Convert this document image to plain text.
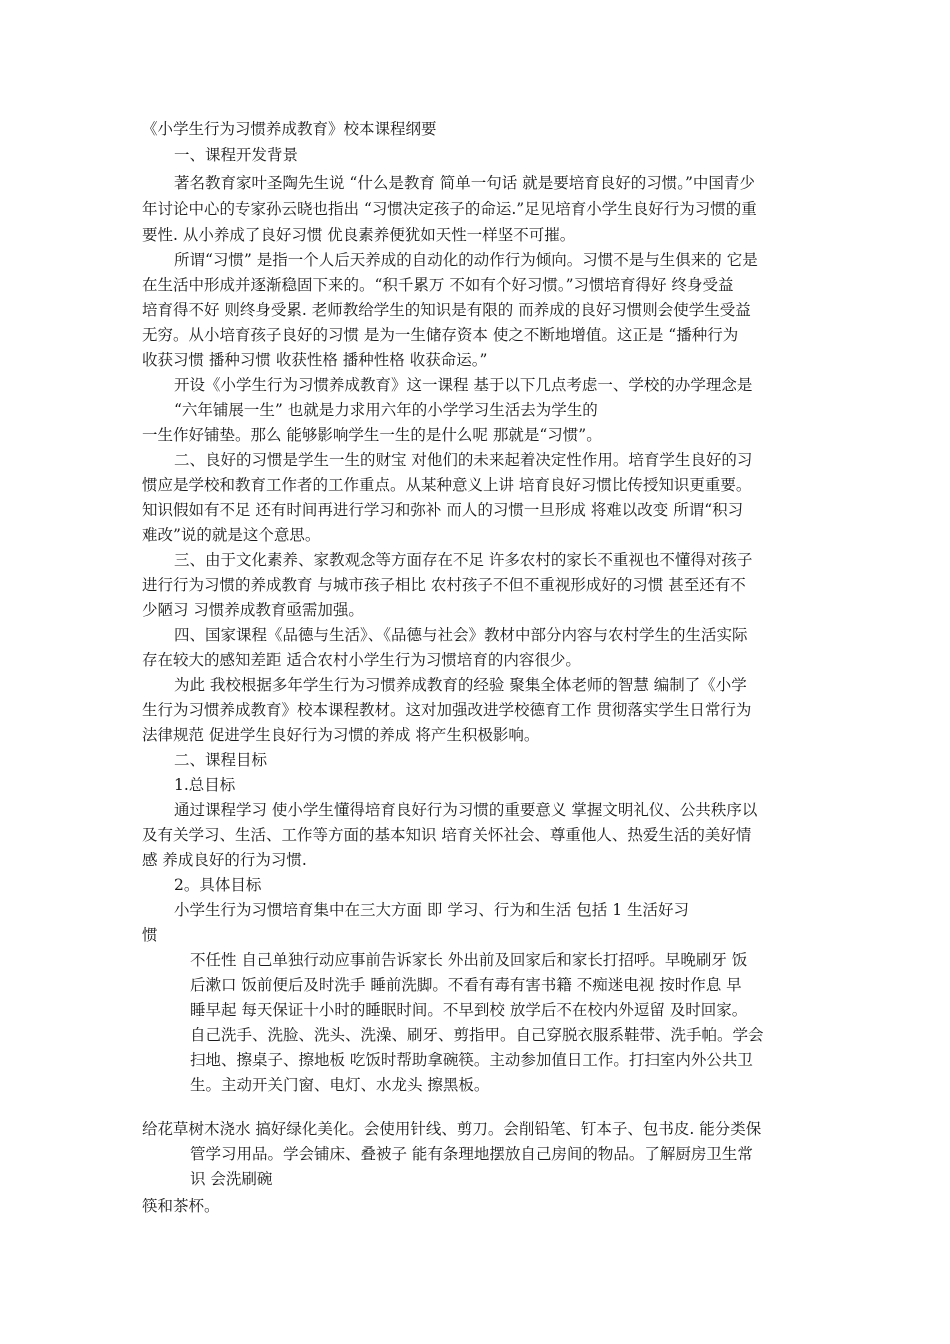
《小学生行为习惯养成教育》校本课程纲要
一、课程开发背景
著名教育家叶圣陶先生说 “什么是教育 简单一句话 就是要培育良好的习惯。”中国青少
年讨论中心的专家孙云晓也指出 “习惯决定孩子的命运.”足见培育小学生良好行为习惯的重
要性. 从小养成了良好习惯 优良素养便犹如天性一样坚不可摧。
所谓“习惯” 是指一个人后天养成的自动化的动作行为倾向。习惯不是与生俱来的 它是
在生活中形成并逐渐稳固下来的。“积千累万 不如有个好习惯。”习惯培育得好 终身受益
培育得不好 则终身受累. 老师教给学生的知识是有限的 而养成的良好习惯则会使学生受益
无穷。从小培育孩子良好的习惯 是为一生储存资本 使之不断地增值。这正是 “播种行为
收获习惯 播种习惯 收获性格 播种性格 收获命运。”
开设《小学生行为习惯养成教育》这一课程 基于以下几点考虑一、学校的办学理念是
“六年铺展一生” 也就是力求用六年的小学学习生活去为学生的
一生作好铺垫。那么 能够影响学生一生的是什么呢 那就是“习惯”。
二、良好的习惯是学生一生的财宝 对他们的未来起着决定性作用。培育学生良好的习
惯应是学校和教育工作者的工作重点。从某种意义上讲 培育良好习惯比传授知识更重要。
知识假如有不足 还有时间再进行学习和弥补 而人的习惯一旦形成 将难以改变 所谓“积习
难改”说的就是这个意思。
三、由于文化素养、家教观念等方面存在不足 许多农村的家长不重视也不懂得对孩子
进行行为习惯的养成教育 与城市孩子相比 农村孩子不但不重视形成好的习惯 甚至还有不
少陋习 习惯养成教育亟需加强。
四、国家课程《品德与生活》、《品德与社会》教材中部分内容与农村学生的生活实际
存在较大的感知差距 适合农村小学生行为习惯培育的内容很少。
为此 我校根据多年学生行为习惯养成教育的经验 聚集全体老师的智慧 编制了《小学
生行为习惯养成教育》校本课程教材。这对加强改进学校德育工作 贯彻落实学生日常行为
法律规范 促进学生良好行为习惯的养成 将产生积极影响。
二、课程目标
1.总目标
通过课程学习 使小学生懂得培育良好行为习惯的重要意义 掌握文明礼仪、公共秩序以
及有关学习、生活、工作等方面的基本知识 培育关怀社会、尊重他人、热爱生活的美好情
感 养成良好的行为习惯.
2。具体目标
小学生行为习惯培育集中在三大方面 即 学习、行为和生活 包括 1 生活好习
惯
不任性 自己单独行动应事前告诉家长 外出前及回家后和家长打招呼。早晚刷牙 饭
后漱口 饭前便后及时洗手 睡前洗脚。不看有毒有害书籍 不痴迷电视 按时作息 早
睡早起 每天保证十小时的睡眠时间。不早到校 放学后不在校内外逗留 及时回家。
自己洗手、洗脸、洗头、洗澡、刷牙、剪指甲。自己穿脱衣服系鞋带、洗手帕。学会
扫地、擦桌子、擦地板 吃饭时帮助拿碗筷。主动参加值日工作。打扫室内外公共卫
生。主动开关门窗、电灯、水龙头 擦黑板。
给花草树木浇水 搞好绿化美化。会使用针线、剪刀。会削铅笔、钉本子、包书皮. 能分类保
管学习用品。学会铺床、叠被子 能有条理地摆放自己房间的物品。了解厨房卫生常
识 会洗刷碗
筷和茶杯。
